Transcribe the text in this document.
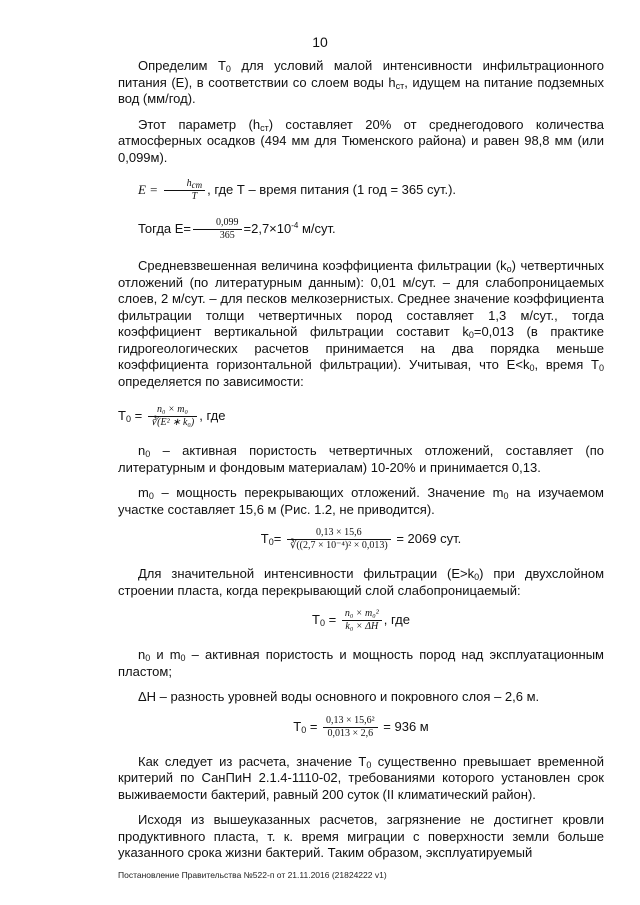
10

Определим $Т_0$ для условий малой интенсивности инфильтрационного питания (Е), в соответствии со слоем воды $h_{ст}$, идущем на питание подземных вод (мм/год).

Этот параметр $(h_{ст})$ составляет 20% от среднегодового количества атмосферных осадков (494 мм для Тюменского района) и равен 98,8 мм (или 0,099м).

$E = \frac{h_{ст}}{T}$ , где Т – время питания (1 год = 365 сут.).
Тогда $Е= \frac{0,099}{365} =2,7\times 10^{-4}$ м/сут.

Средневзвешенная величина коэффициента фильтрации $(k_о)$ четвертичных отложений (по литературным данным): 0,01 м/сут. – для слабопроницаемых слоев, 2 м/сут. – для песков мелкозернистых. Среднее значение коэффициента фильтрации толщи четвертичных пород составляет 1,3 м/сут., тогда коэффициент вертикальной фильтрации составит $k_0=0,013$ (в практике гидрогеологических расчетов принимается на два порядка меньше коэффициента горизонтальной фильтрации). Учитывая, что $Е<k_0$, время $Т_0$ определяется по зависимости:

$Т_0 = \frac{\text{n₀ × m₀}}{\text{∛(E² ∗ k₀)}}$ , где

$n_0$ – активная пористость четвертичных отложений, составляет (по литературным и фондовым материалам) 10-20% и принимается 0,13.

$m_0$ – мощность перекрывающих отложений. Значение $m_0$ на изучаемом участке составляет 15,6 м (Рис. 1.2, не приводится).

$Т_0= \frac{0,13 \times 15,6}{\text{∛((2,7 × 10⁻⁴)² × 0,013)}} = 2069$ сут.

Для значительной интенсивности фильтрации $(E>k_0)$ при двухслойном строении пласта, когда перекрывающий слой слабопроницаемый:

$Т_0 = \frac{\text{n₀ × m₀²}}{\text{k₀ × ΔH}}$ , где

$n_0$ и $m_0$ – активная пористость и мощность пород над эксплуатационным пластом;

ΔН – разность уровней воды основного и покровного слоя – 2,6 м.

$Т_0 = \frac{\text{0,13 × 15,6²}}{0,013 \times 2,6} = 936$ м

Как следует из расчета, значение $Т_0$ существенно превышает временной критерий по СанПиН 2.1.4-1110-02, требованиями которого установлен срок выживаемости бактерий, равный 200 суток (II климатический район).

Исходя из вышеуказанных расчетов, загрязнение не достигнет кровли продуктивного пласта, т. к. время миграции с поверхности земли больше указанного срока жизни бактерий. Таким образом, эксплуатируемый

Постановление Правительства №522-п от 21.11.2016 (21824222 v1)
